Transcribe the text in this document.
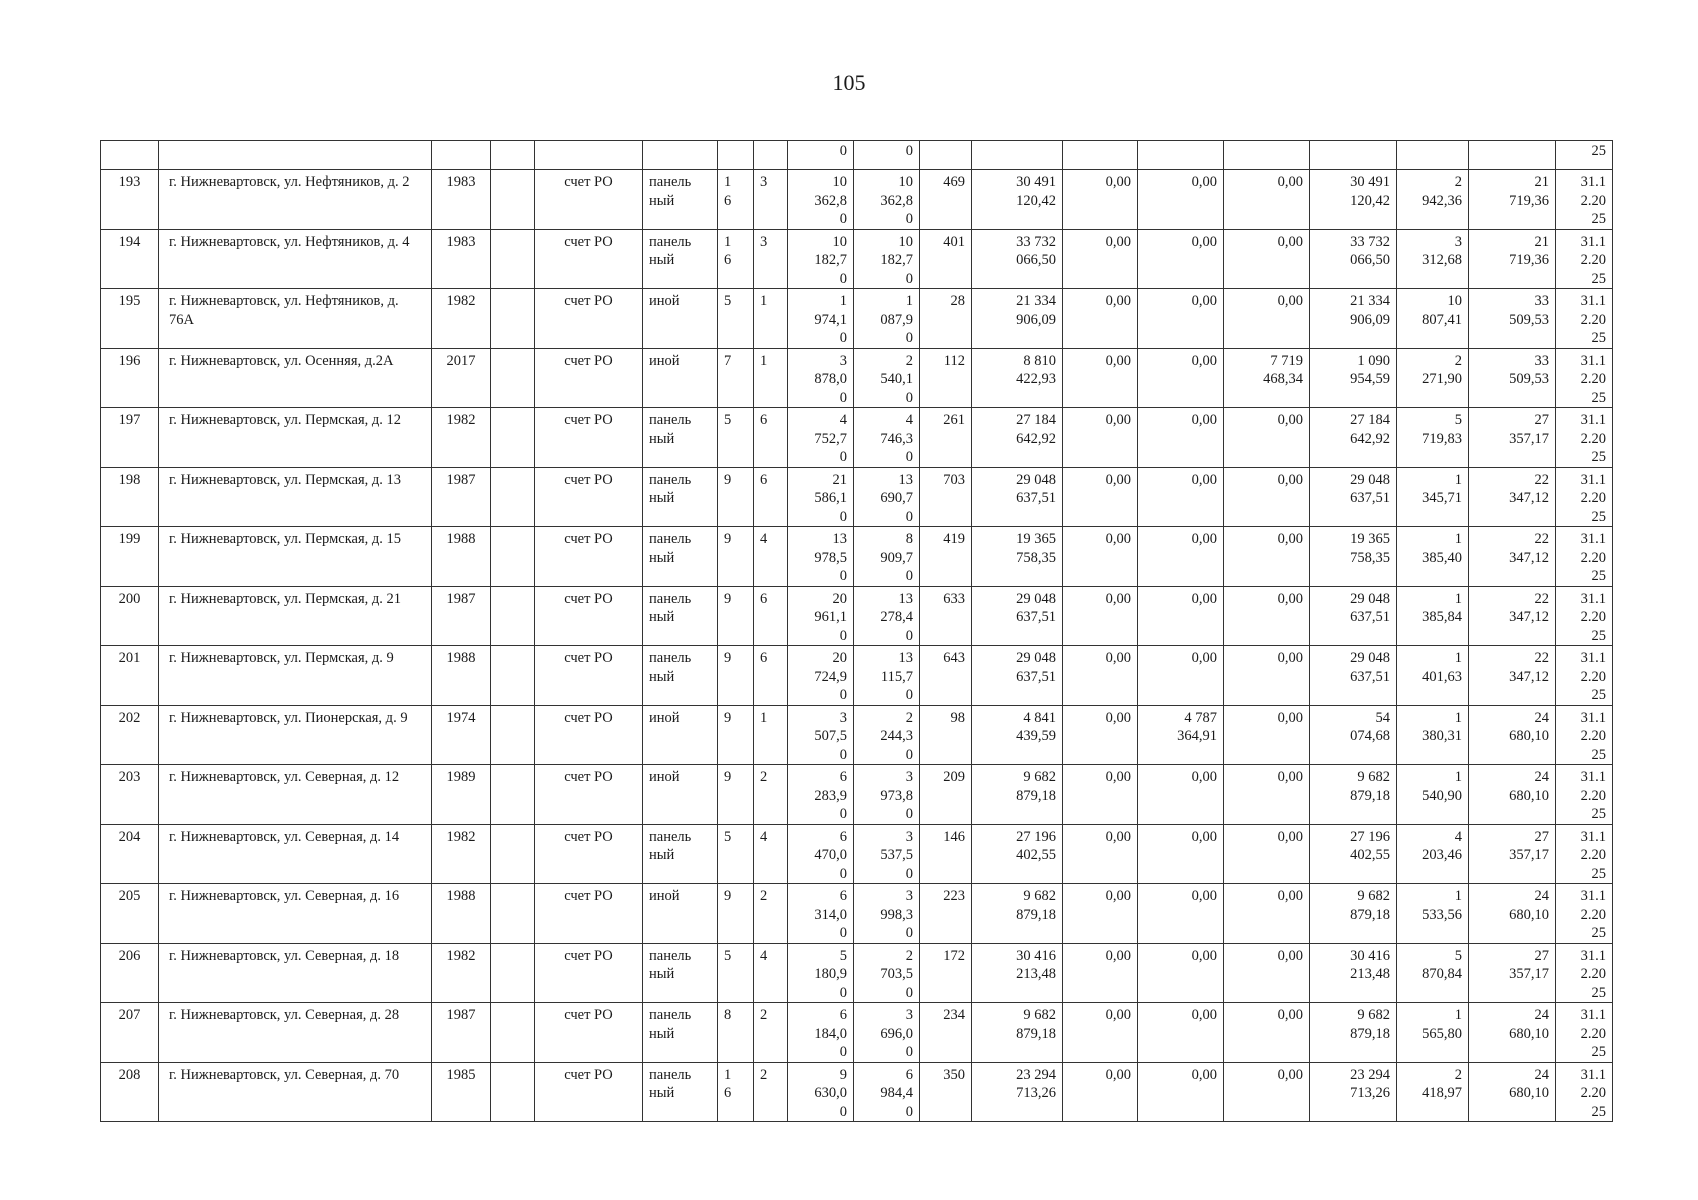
105
								0	0									25
193	г. Нижневартовск, ул. Нефтяников, д. 2	1983		счет РО	панель
ный	1
6	3	10
362,8
0	10
362,8
0	469	30 491
120,42	0,00	0,00	0,00	30 491
120,42	2
942,36	21
719,36	31.1
2.20
25
194	г. Нижневартовск, ул. Нефтяников, д. 4	1983		счет РО	панель
ный	1
6	3	10
182,7
0	10
182,7
0	401	33 732
066,50	0,00	0,00	0,00	33 732
066,50	3
312,68	21
719,36	31.1
2.20
25
195	г. Нижневартовск, ул. Нефтяников, д. 76А	1982		счет РО	иной	5	1	1
974,1
0	1
087,9
0	28	21 334
906,09	0,00	0,00	0,00	21 334
906,09	10
807,41	33
509,53	31.1
2.20
25
196	г. Нижневартовск, ул. Осенняя, д.2А	2017		счет РО	иной	7	1	3
878,0
0	2
540,1
0	112	8 810
422,93	0,00	0,00	7 719
468,34	1 090
954,59	2
271,90	33
509,53	31.1
2.20
25
197	г. Нижневартовск, ул. Пермская, д. 12	1982		счет РО	панель
ный	5	6	4
752,7
0	4
746,3
0	261	27 184
642,92	0,00	0,00	0,00	27 184
642,92	5
719,83	27
357,17	31.1
2.20
25
198	г. Нижневартовск, ул. Пермская, д. 13	1987		счет РО	панель
ный	9	6	21
586,1
0	13
690,7
0	703	29 048
637,51	0,00	0,00	0,00	29 048
637,51	1
345,71	22
347,12	31.1
2.20
25
199	г. Нижневартовск, ул. Пермская, д. 15	1988		счет РО	панель
ный	9	4	13
978,5
0	8
909,7
0	419	19 365
758,35	0,00	0,00	0,00	19 365
758,35	1
385,40	22
347,12	31.1
2.20
25
200	г. Нижневартовск, ул. Пермская, д. 21	1987		счет РО	панель
ный	9	6	20
961,1
0	13
278,4
0	633	29 048
637,51	0,00	0,00	0,00	29 048
637,51	1
385,84	22
347,12	31.1
2.20
25
201	г. Нижневартовск, ул. Пермская, д. 9	1988		счет РО	панель
ный	9	6	20
724,9
0	13
115,7
0	643	29 048
637,51	0,00	0,00	0,00	29 048
637,51	1
401,63	22
347,12	31.1
2.20
25
202	г. Нижневартовск, ул. Пионерская, д. 9	1974		счет РО	иной	9	1	3
507,5
0	2
244,3
0	98	4 841
439,59	0,00	4 787
364,91	0,00	54
074,68	1
380,31	24
680,10	31.1
2.20
25
203	г. Нижневартовск, ул. Северная, д. 12	1989		счет РО	иной	9	2	6
283,9
0	3
973,8
0	209	9 682
879,18	0,00	0,00	0,00	9 682
879,18	1
540,90	24
680,10	31.1
2.20
25
204	г. Нижневартовск, ул. Северная, д. 14	1982		счет РО	панель
ный	5	4	6
470,0
0	3
537,5
0	146	27 196
402,55	0,00	0,00	0,00	27 196
402,55	4
203,46	27
357,17	31.1
2.20
25
205	г. Нижневартовск, ул. Северная, д. 16	1988		счет РО	иной	9	2	6
314,0
0	3
998,3
0	223	9 682
879,18	0,00	0,00	0,00	9 682
879,18	1
533,56	24
680,10	31.1
2.20
25
206	г. Нижневартовск, ул. Северная, д. 18	1982		счет РО	панель
ный	5	4	5
180,9
0	2
703,5
0	172	30 416
213,48	0,00	0,00	0,00	30 416
213,48	5
870,84	27
357,17	31.1
2.20
25
207	г. Нижневартовск, ул. Северная, д. 28	1987		счет РО	панель
ный	8	2	6
184,0
0	3
696,0
0	234	9 682
879,18	0,00	0,00	0,00	9 682
879,18	1
565,80	24
680,10	31.1
2.20
25
208	г. Нижневартовск, ул. Северная, д. 70	1985		счет РО	панель
ный	1
6	2	9
630,0
0	6
984,4
0	350	23 294
713,26	0,00	0,00	0,00	23 294
713,26	2
418,97	24
680,10	31.1
2.20
25
